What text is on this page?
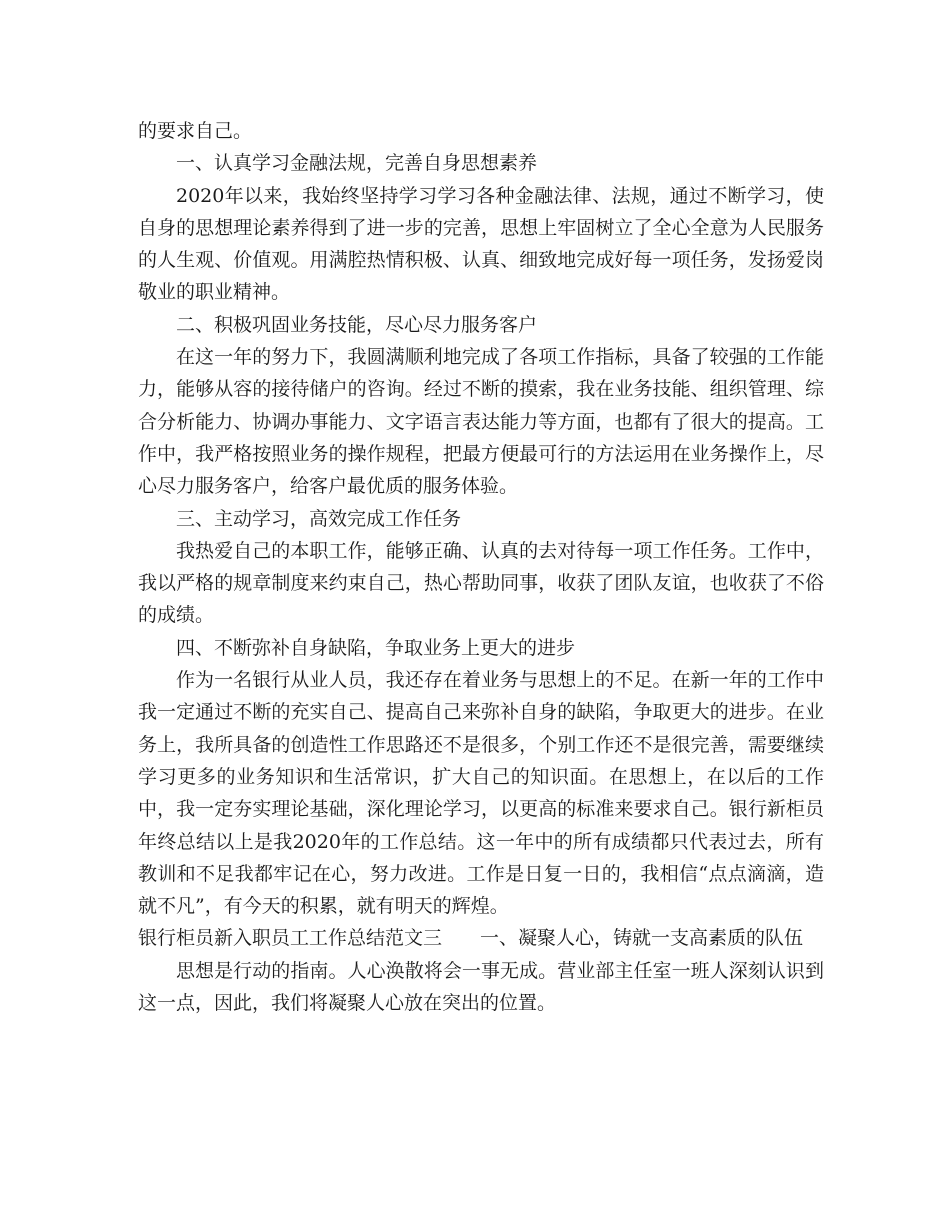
的要求自己。

一、认真学习金融法规，完善自身思想素养

2020年以来，我始终坚持学习学习各种金融法律、法规，通过不断学习，使自身的思想理论素养得到了进一步的完善，思想上牢固树立了全心全意为人民服务的人生观、价值观。用满腔热情积极、认真、细致地完成好每一项任务，发扬爱岗敬业的职业精神。

二、积极巩固业务技能，尽心尽力服务客户

在这一年的努力下，我圆满顺利地完成了各项工作指标，具备了较强的工作能力，能够从容的接待储户的咨询。经过不断的摸索，我在业务技能、组织管理、综合分析能力、协调办事能力、文字语言表达能力等方面，也都有了很大的提高。工作中，我严格按照业务的操作规程，把最方便最可行的方法运用在业务操作上，尽心尽力服务客户，给客户最优质的服务体验。

三、主动学习，高效完成工作任务

我热爱自己的本职工作，能够正确、认真的去对待每一项工作任务。工作中，我以严格的规章制度来约束自己，热心帮助同事，收获了团队友谊，也收获了不俗的成绩。

四、不断弥补自身缺陷，争取业务上更大的进步

作为一名银行从业人员，我还存在着业务与思想上的不足。在新一年的工作中我一定通过不断的充实自己、提高自己来弥补自身的缺陷，争取更大的进步。在业务上，我所具备的创造性工作思路还不是很多，个别工作还不是很完善，需要继续学习更多的业务知识和生活常识，扩大自己的知识面。在思想上，在以后的工作中，我一定夯实理论基础，深化理论学习，以更高的标准来要求自己。银行新柜员年终总结以上是我2020年的工作总结。这一年中的所有成绩都只代表过去，所有教训和不足我都牢记在心，努力改进。工作是日复一日的，我相信“点点滴滴，造就不凡”，有今天的积累，就有明天的辉煌。

银行柜员新入职员工工作总结范文三　　一、凝聚人心，铸就一支高素质的队伍

思想是行动的指南。人心涣散将会一事无成。营业部主任室一班人深刻认识到这一点，因此，我们将凝聚人心放在突出的位置。
